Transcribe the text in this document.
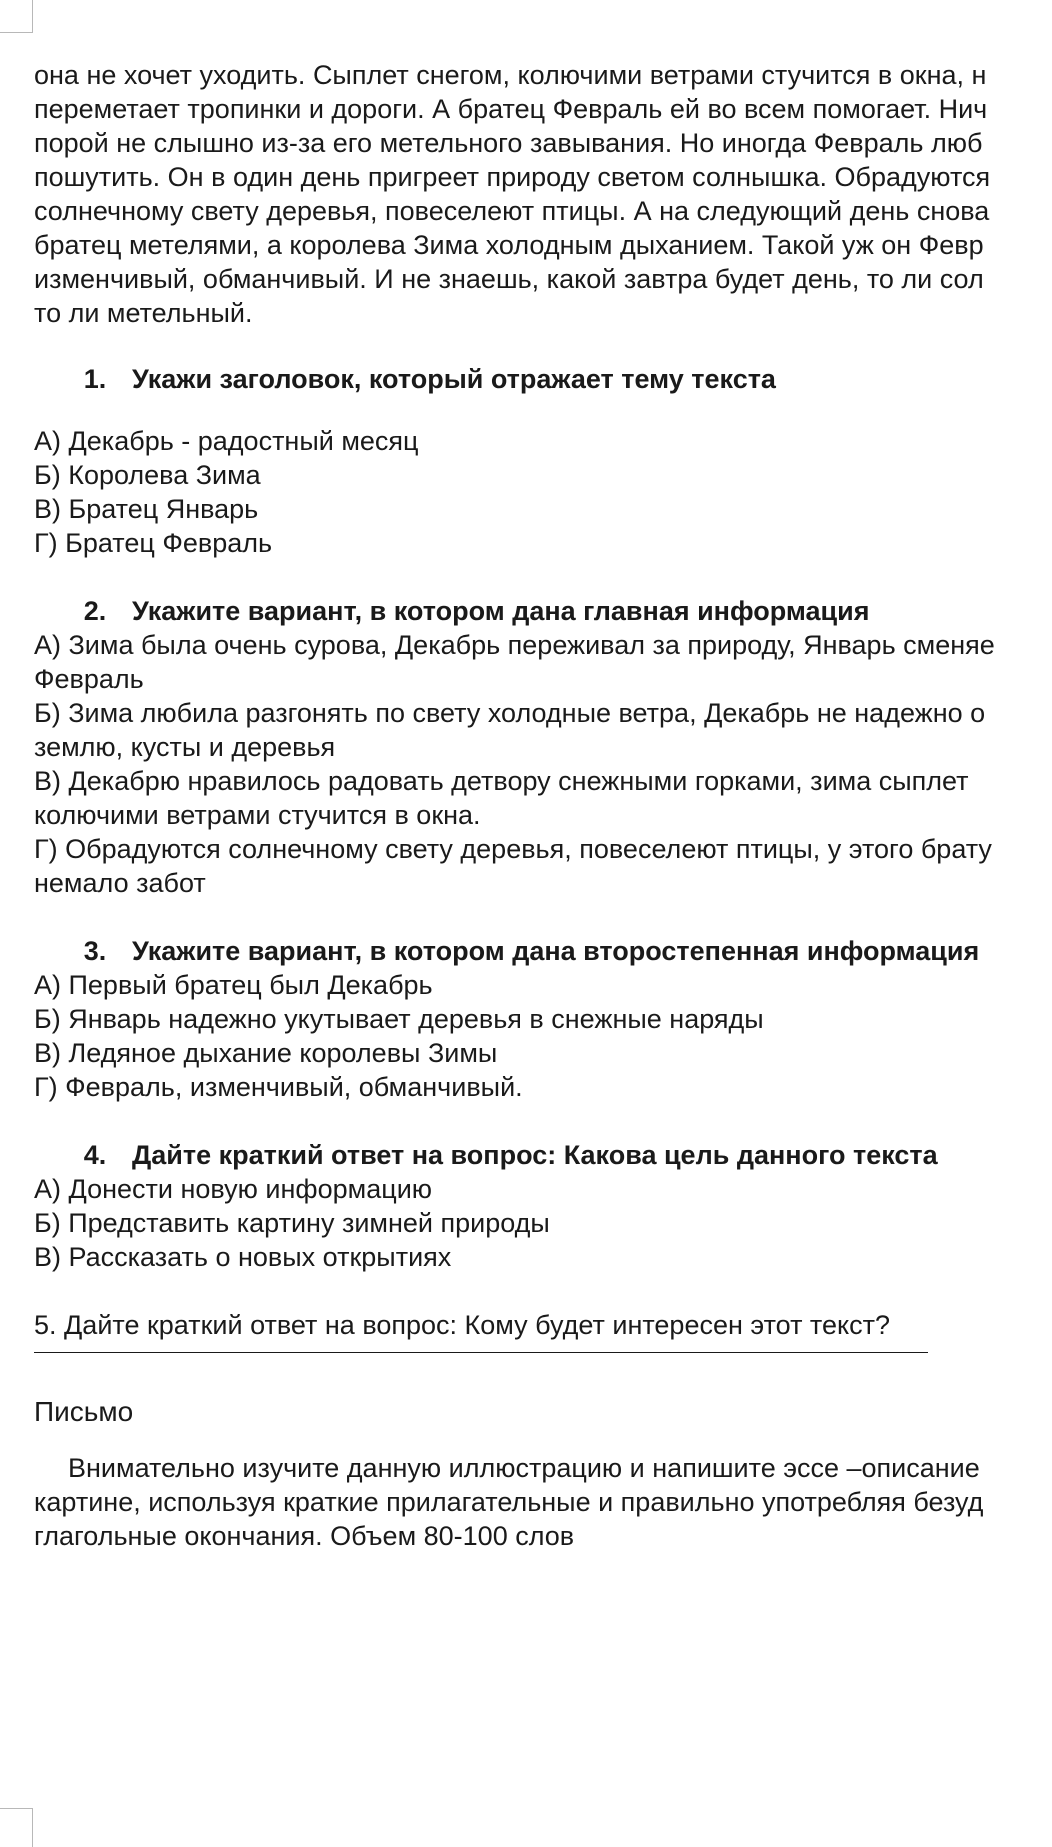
она не хочет уходить. Сыплет снегом, колючими ветрами стучится в окна, н

переметает тропинки и дороги. А братец Февраль ей во всем помогает. Нич

порой не слышно из-за его метельного завывания. Но иногда Февраль люб

пошутить. Он в один день пригреет природу светом солнышка. Обрадуются

солнечному свету деревья, повеселеют птицы. А на следующий день снова

братец метелями, а королева Зима холодным дыханием. Такой уж он Февр

изменчивый, обманчивый. И не знаешь, какой завтра будет день, то ли сол

то ли метельный.

1. Укажи заголовок, который отражает тему текста

А) Декабрь - радостный месяц

Б) Королева Зима

В) Братец Январь

Г) Братец Февраль

2. Укажите вариант, в котором дана главная информация

А) Зима была очень сурова, Декабрь переживал за природу, Январь сменяе

Февраль

Б) Зима любила разгонять по свету холодные ветра, Декабрь не надежно о

землю, кусты и деревья

В) Декабрю нравилось радовать детвору снежными горками, зима сыплет

колючими ветрами стучится в окна.

Г) Обрадуются солнечному свету деревья, повеселеют птицы, у этого брату

немало забот

3. Укажите вариант, в котором дана второстепенная информация

А) Первый братец был Декабрь

Б) Январь надежно укутывает деревья в снежные наряды

В) Ледяное дыхание королевы Зимы

Г) Февраль, изменчивый, обманчивый.

4. Дайте краткий ответ на вопрос: Какова цель данного текста

А) Донести новую информацию

Б) Представить картину зимней природы

В) Рассказать о новых открытиях

5. Дайте краткий ответ на вопрос: Кому будет интересен этот текст?

Письмо

Внимательно изучите данную иллюстрацию и напишите эссе –описание

картине, используя краткие прилагательные и правильно употребляя безуд

глагольные окончания. Объем 80-100 слов
